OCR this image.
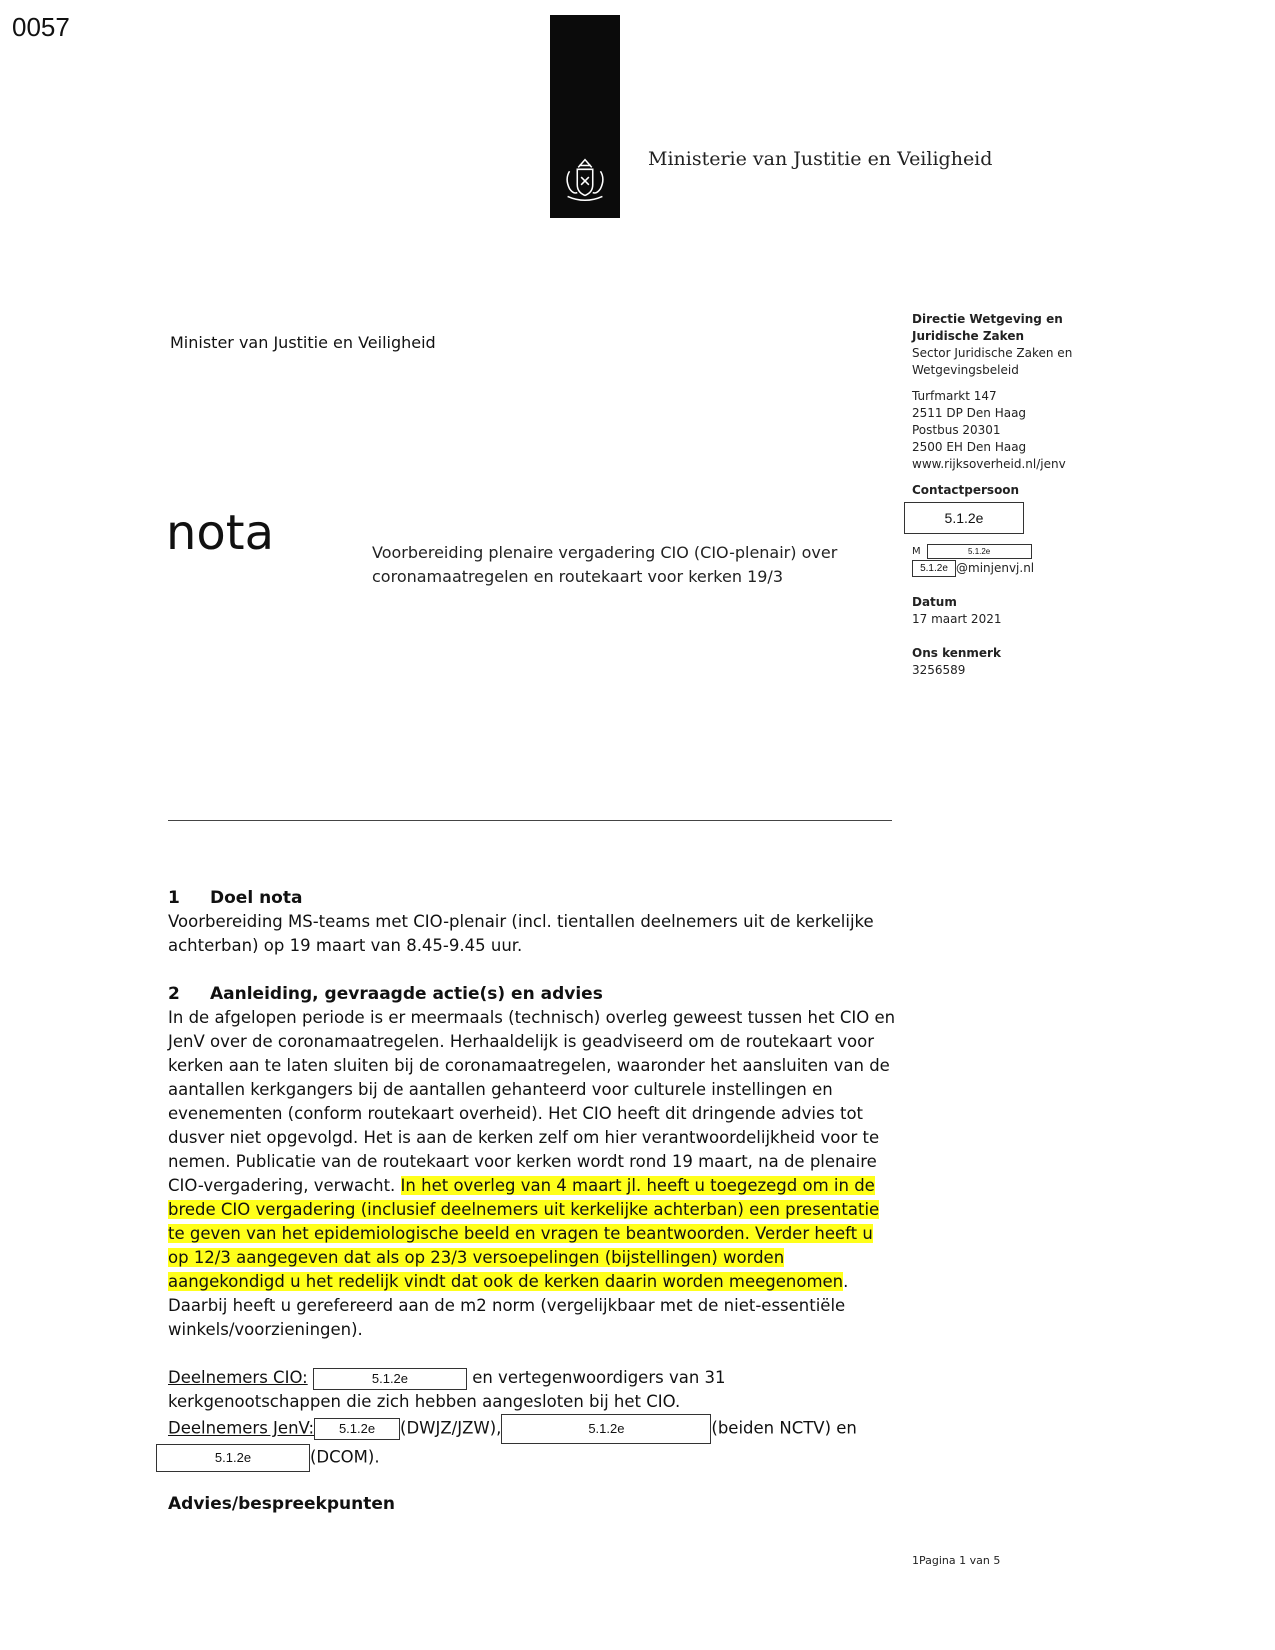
0057
Ministerie van Justitie en Veiligheid
Minister van Justitie en Veiligheid
Directie Wetgeving en
Juridische Zaken
Sector Juridische Zaken en
Wetgevingsbeleid
Turfmarkt 147
2511 DP Den Haag
Postbus 20301
2500 EH Den Haag
www.rijksoverheid.nl/jenv
Contactpersoon
5.1.2e
M	5.1.2e
5.1.2e @minjenvj.nl
Datum
17 maart 2021
Ons kenmerk
3256589
nota	Voorbereiding plenaire vergadering CIO (CIO-plenair) over
coronamaatregelen en routekaart voor kerken 19/3
1 Doel nota
Voorbereiding MS-teams met CIO-plenair (incl. tientallen deelnemers uit de kerkelijke achterban) op 19 maart van 8.45-9.45 uur.
2 Aanleiding, gevraagde actie(s) en advies
In de afgelopen periode is er meermaals (technisch) overleg geweest tussen het CIO en JenV over de coronamaatregelen. Herhaaldelijk is geadviseerd om de routekaart voor kerken aan te laten sluiten bij de coronamaatregelen, waaronder het aansluiten van de aantallen kerkgangers bij de aantallen gehanteerd voor culturele instellingen en evenementen (conform routekaart overheid). Het CIO heeft dit dringende advies tot dusver niet opgevolgd. Het is aan de kerken zelf om hier verantwoordelijkheid voor te nemen. Publicatie van de routekaart voor kerken wordt rond 19 maart, na de plenaire CIO-vergadering, verwacht. In het overleg van 4 maart jl. heeft u toegezegd om in de brede CIO vergadering (inclusief deelnemers uit kerkelijke achterban) een presentatie te geven van het epidemiologische beeld en vragen te beantwoorden. Verder heeft u op 12/3 aangegeven dat als op 23/3 versoepelingen (bijstellingen) worden aangekondigd u het redelijk vindt dat ook de kerken daarin worden meegenomen. Daarbij heeft u gerefereerd aan de m2 norm (vergelijkbaar met de niet-essentiële winkels/voorzieningen).
Deelnemers CIO:	5.1.2e	en vertegenwoordigers van 31 kerkgenootschappen die zich hebben aangesloten bij het CIO.
Deelnemers JenV: 5.1.2e (DWJZ/JZW),	5.1.2e	(beiden NCTV) en
5.1.2e	(DCOM).
Advies/bespreekpunten
1Pagina 1 van 5
